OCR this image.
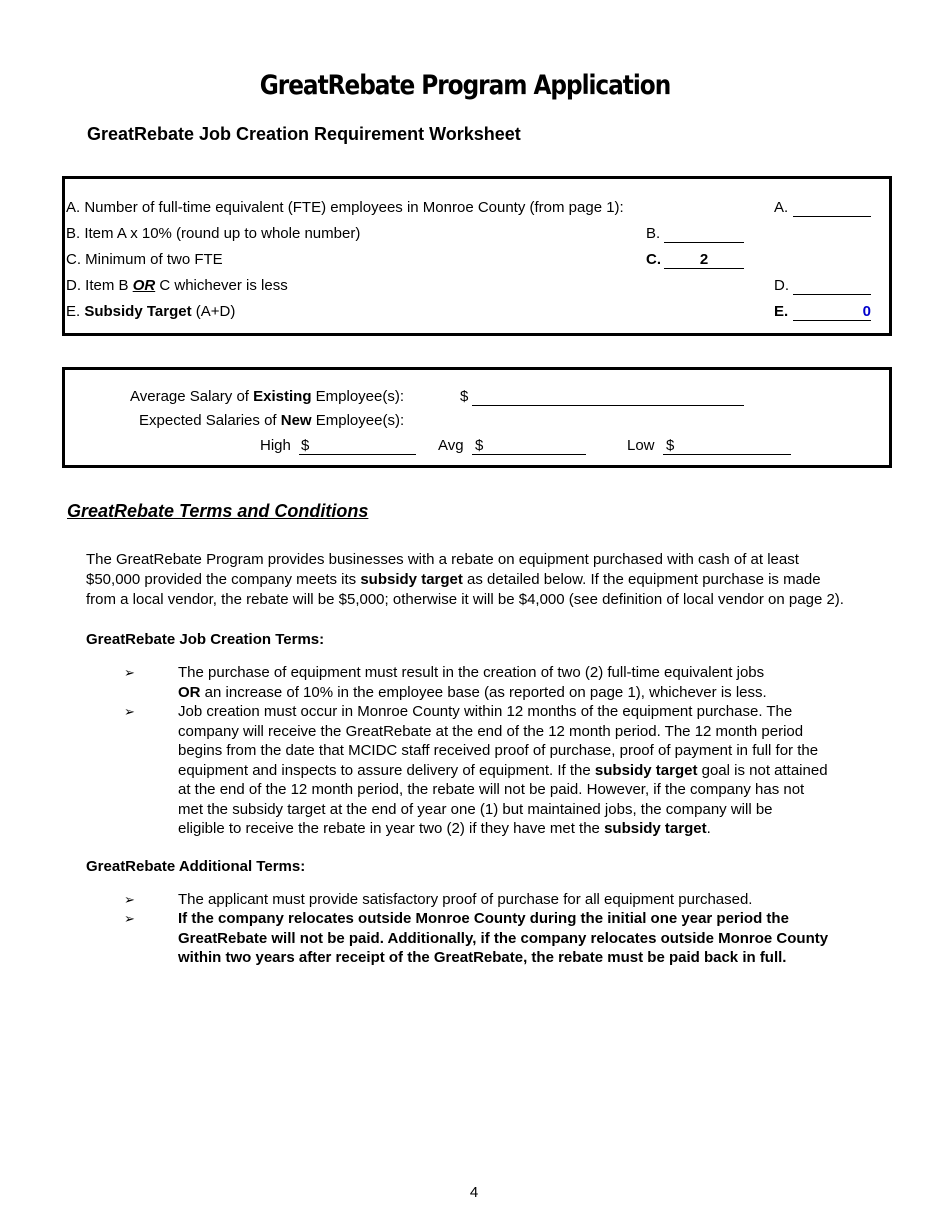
GreatRebate Program Application
GreatRebate Job Creation Requirement Worksheet
A. Number of full-time equivalent (FTE) employees in Monroe County (from page 1):	A.
B. Item A x 10% (round up to whole number)	B.
C. Minimum of two FTE	C.	2
D. Item B OR C whichever is less	D.
E. Subsidy Target (A+D)	E.	0
Average Salary of Existing Employee(s):	$
Expected Salaries of New Employee(s):
High $	Avg $	Low $
GreatRebate Terms and Conditions
The GreatRebate Program provides businesses with a rebate on equipment purchased with cash of at least
$50,000 provided the company meets its subsidy target as detailed below. If the equipment purchase is made
from a local vendor, the rebate will be $5,000; otherwise it will be $4,000 (see definition of local vendor on page 2).
GreatRebate Job Creation Terms:
➢	The purchase of equipment must result in the creation of two (2) full-time equivalent jobs
OR an increase of 10% in the employee base (as reported on page 1), whichever is less.
➢	Job creation must occur in Monroe County within 12 months of the equipment purchase. The
company will receive the GreatRebate at the end of the 12 month period. The 12 month period
begins from the date that MCIDC staff received proof of purchase, proof of payment in full for the
equipment and inspects to assure delivery of equipment. If the subsidy target goal is not attained
at the end of the 12 month period, the rebate will not be paid. However, if the company has not
met the subsidy target at the end of year one (1) but maintained jobs, the company will be
eligible to receive the rebate in year two (2) if they have met the subsidy target.
GreatRebate Additional Terms:
➢	The applicant must provide satisfactory proof of purchase for all equipment purchased.
➢	If the company relocates outside Monroe County during the initial one year period the
GreatRebate will not be paid. Additionally, if the company relocates outside Monroe County
within two years after receipt of the GreatRebate, the rebate must be paid back in full.
4
